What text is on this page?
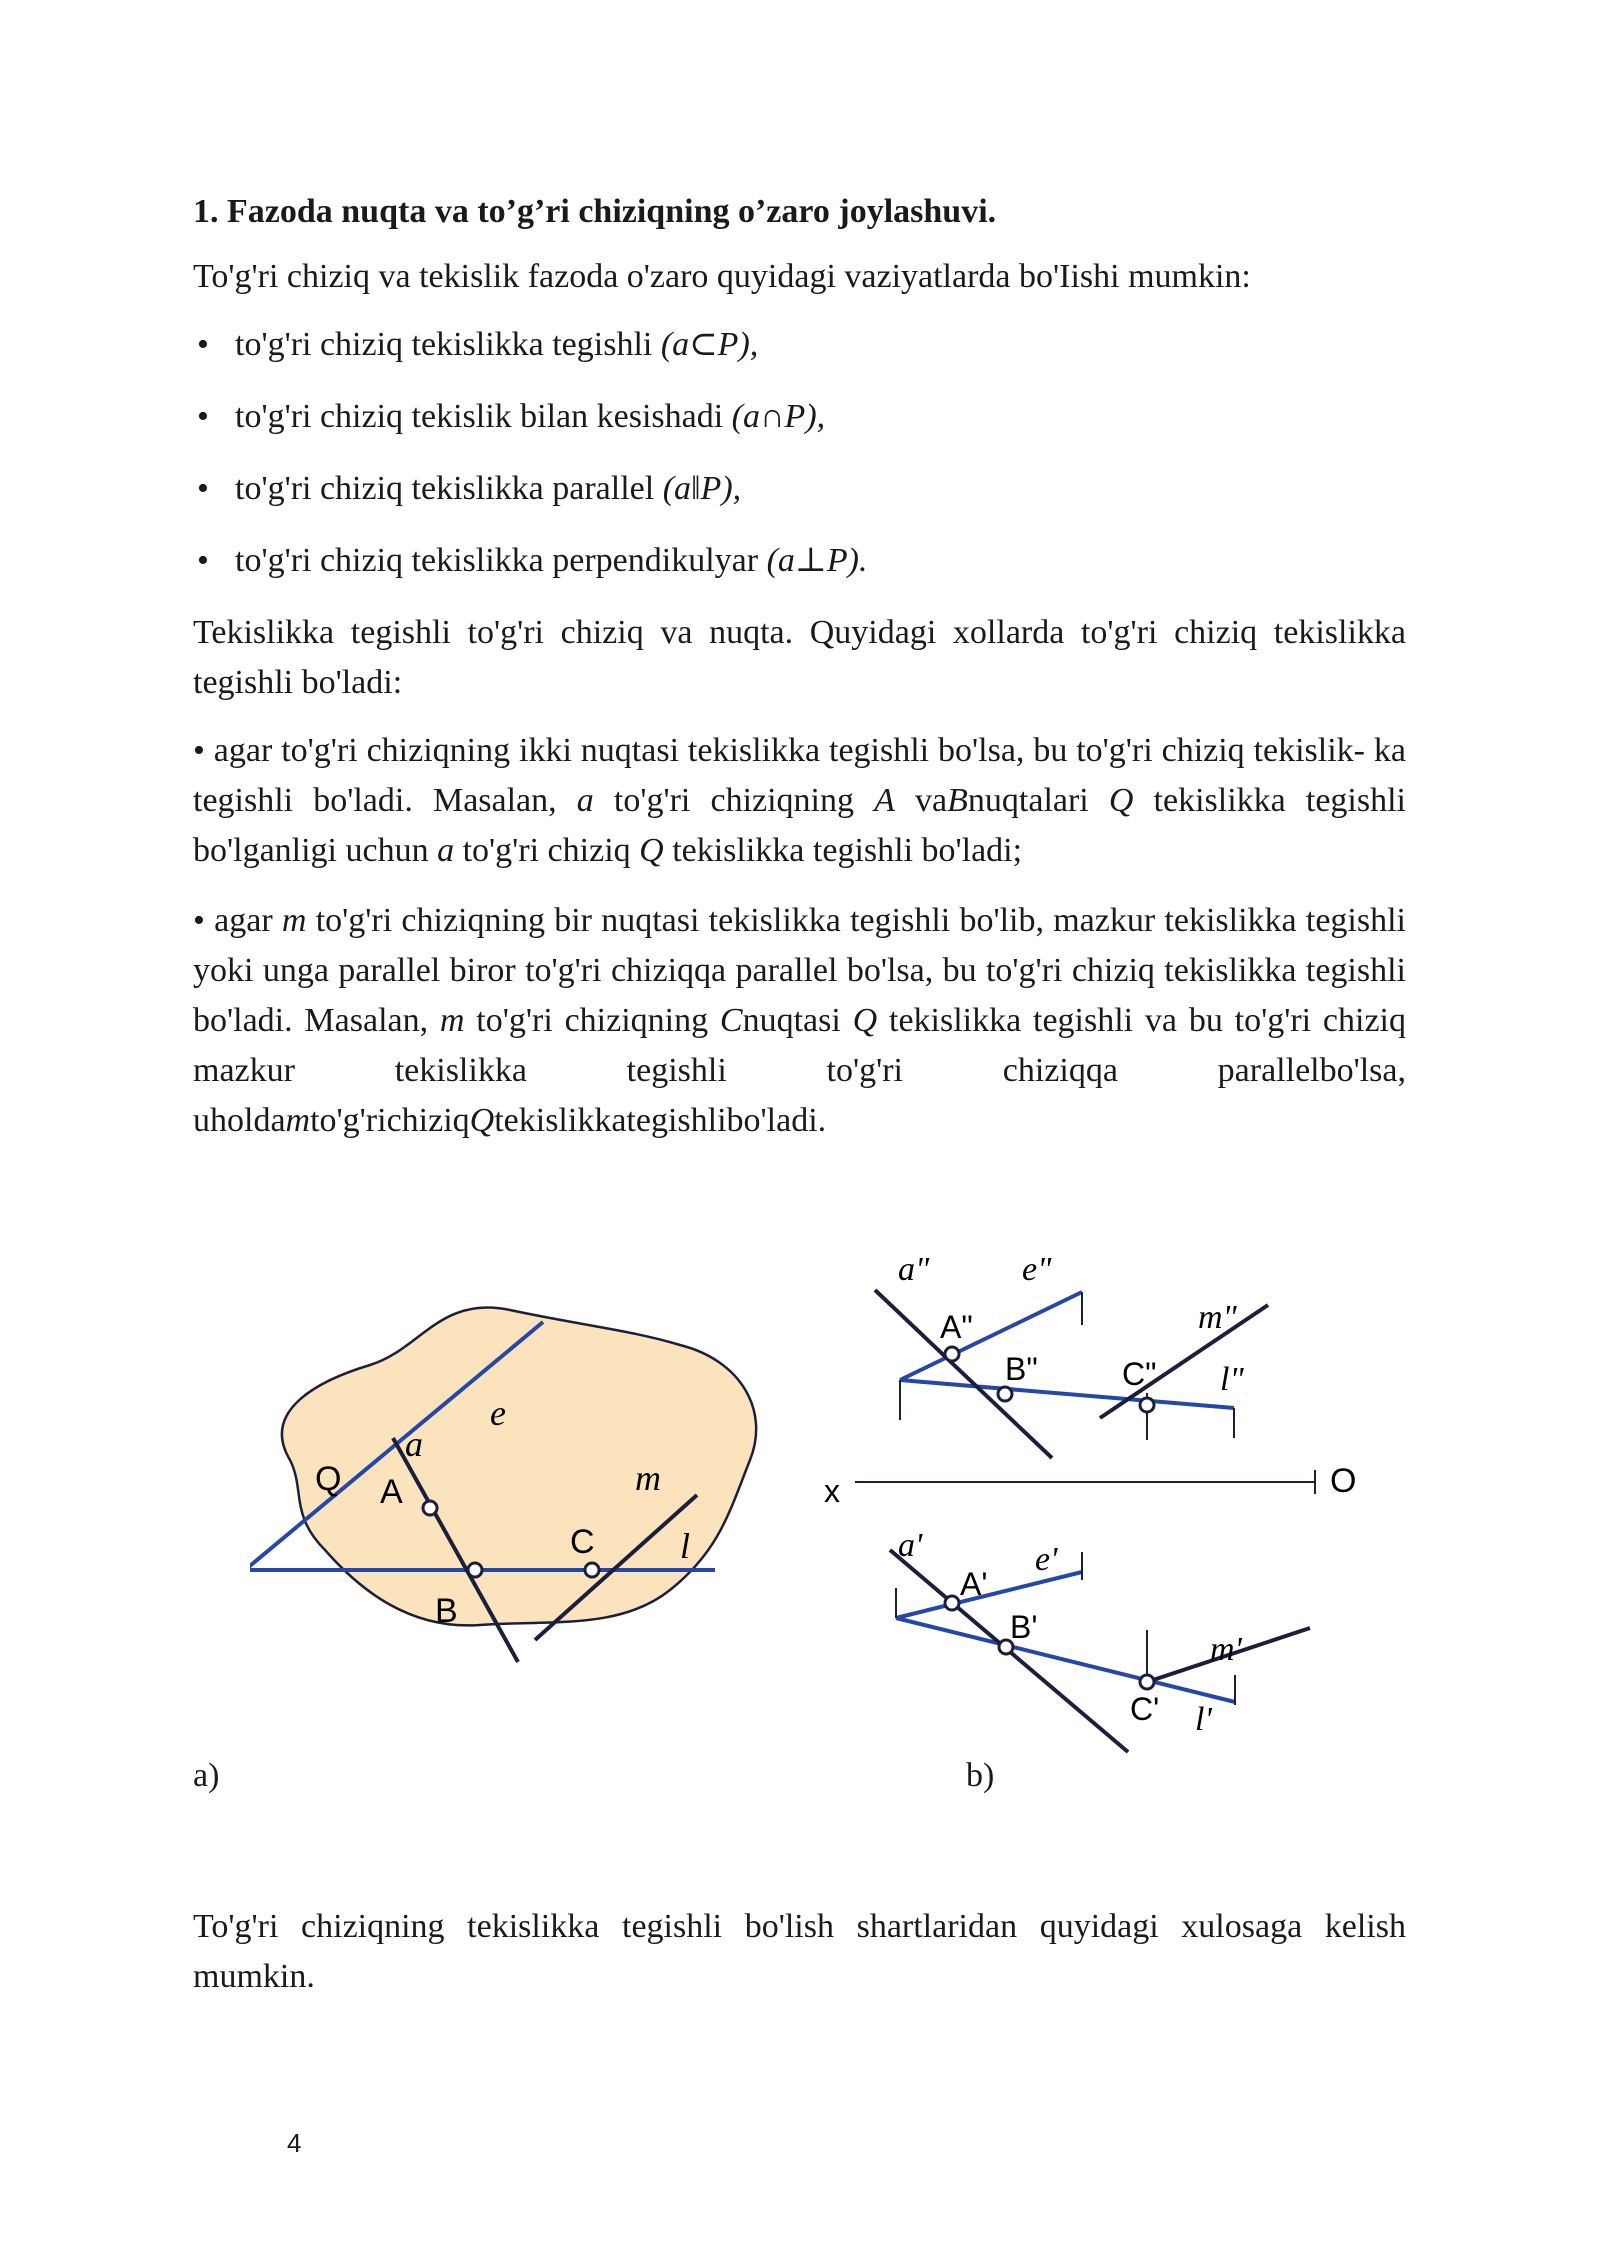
1. Fazoda nuqta va to’g’ri chiziqning o’zaro joylashuvi.

To'g'ri chiziq va tekislik fazoda o'zaro quyidagi vaziyatlarda bo'Iishi mumkin:

• to'g'ri chiziq tekislikka tegishli (a⊂P),
• to'g'ri chiziq tekislik bilan kesishadi (a∩P),
• to'g'ri chiziq tekislikka parallel (a‖P),
• to'g'ri chiziq tekislikka perpendikulyar (a⊥P).

Tekislikka tegishli to'g'ri chiziq va nuqta. Quyidagi xollarda to'g'ri chiziq tekislikka tegishli bo'ladi:

• agar to'g'ri chiziqning ikki nuqtasi tekislikka tegishli bo'lsa, bu to'g'ri chiziq tekislik- ka tegishli bo'ladi. Masalan, a to'g'ri chiziqning A vaBnuqtalari Q tekislikka tegishli bo'lganligi uchun a to'g'ri chiziq Q tekislikka tegishli bo'ladi;

• agar m to'g'ri chiziqning bir nuqtasi tekislikka tegishli bo'lib, mazkur tekislikka tegishli yoki unga parallel biror to'g'ri chiziqqa parallel bo'lsa, bu to'g'ri chiziq tekislikka tegishli bo'ladi. Masalan, m to'g'ri chiziqning Cnuqtasi Q tekislikka tegishli va bu to'g'ri chiziq mazkur tekislikka tegishli to'g'ri chiziqqa parallelbo'lsa, uholdamto'g'richiziqQtekislikkategishlibo'ladi.

Q
e
a
A	m
C l
B
a"	e"
A"
B"	C"
m"
l"
x	O
a'	e'
A'
B'
C'
m'
l'
a)	b)

To'g'ri chiziqning tekislikka tegishli bo'lish shartlaridan quyidagi xulosaga kelish mumkin.

4
